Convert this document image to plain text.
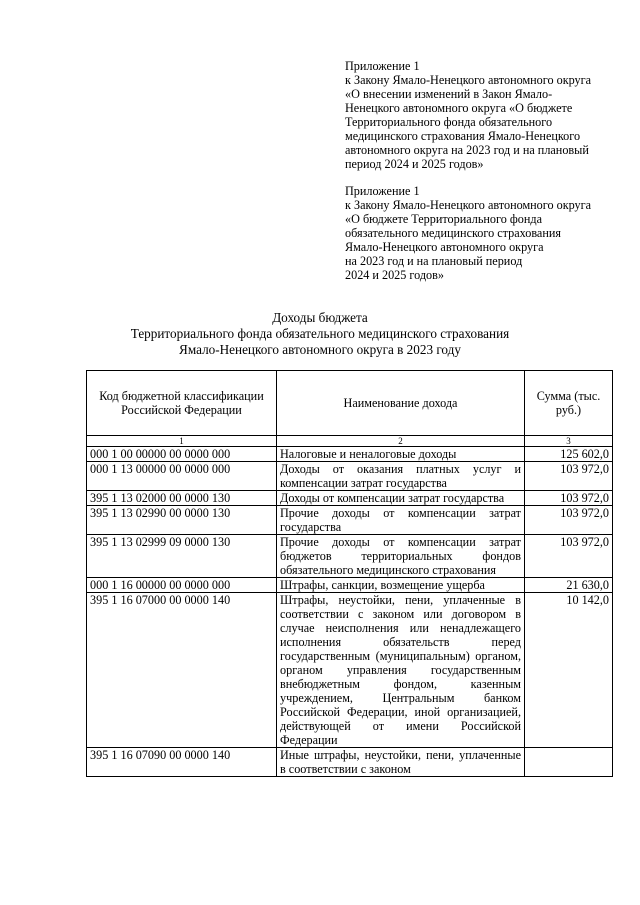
Приложение 1
к Закону Ямало-Ненецкого автономного округа
«О внесении изменений в Закон Ямало-
Ненецкого автономного округа «О бюджете
Территориального фонда обязательного
медицинского страхования Ямало-Ненецкого
автономного округа на 2023 год и на плановый
период 2024 и 2025 годов»
Приложение 1
к Закону Ямало-Ненецкого автономного округа
«О бюджете Территориального фонда
обязательного медицинского страхования
Ямало-Ненецкого автономного округа
на 2023 год и на плановый период
2024 и 2025 годов»
Доходы бюджета
Территориального фонда обязательного медицинского страхования
Ямало-Ненецкого автономного округа в 2023 году
Код бюджетной классификации Российской Федерации	Наименование дохода	Сумма (тыс. руб.)
1	2	3
000 1 00 00000 00 0000 000	Налоговые и неналоговые доходы	125 602,0
000 1 13 00000 00 0000 000	Доходы от оказания платных услуг и компенсации затрат государства	103 972,0
395 1 13 02000 00 0000 130	Доходы от компенсации затрат государства	103 972,0
395 1 13 02990 00 0000 130	Прочие доходы от компенсации затрат государства	103 972,0
395 1 13 02999 09 0000 130	Прочие доходы от компенсации затрат бюджетов территориальных фондов обязательного медицинского страхования	103 972,0
000 1 16 00000 00 0000 000	Штрафы, санкции, возмещение ущерба	21 630,0
395 1 16 07000 00 0000 140	Штрафы, неустойки, пени, уплаченные в соответствии с законом или договором в случае неисполнения или ненадлежащего исполнения обязательств перед государственным (муниципальным) органом, органом управления государственным внебюджетным фондом, казенным учреждением, Центральным банком Российской Федерации, иной организацией, действующей от имени Российской Федерации	10 142,0
395 1 16 07090 00 0000 140	Иные штрафы, неустойки, пени, уплаченные в соответствии с законом	
